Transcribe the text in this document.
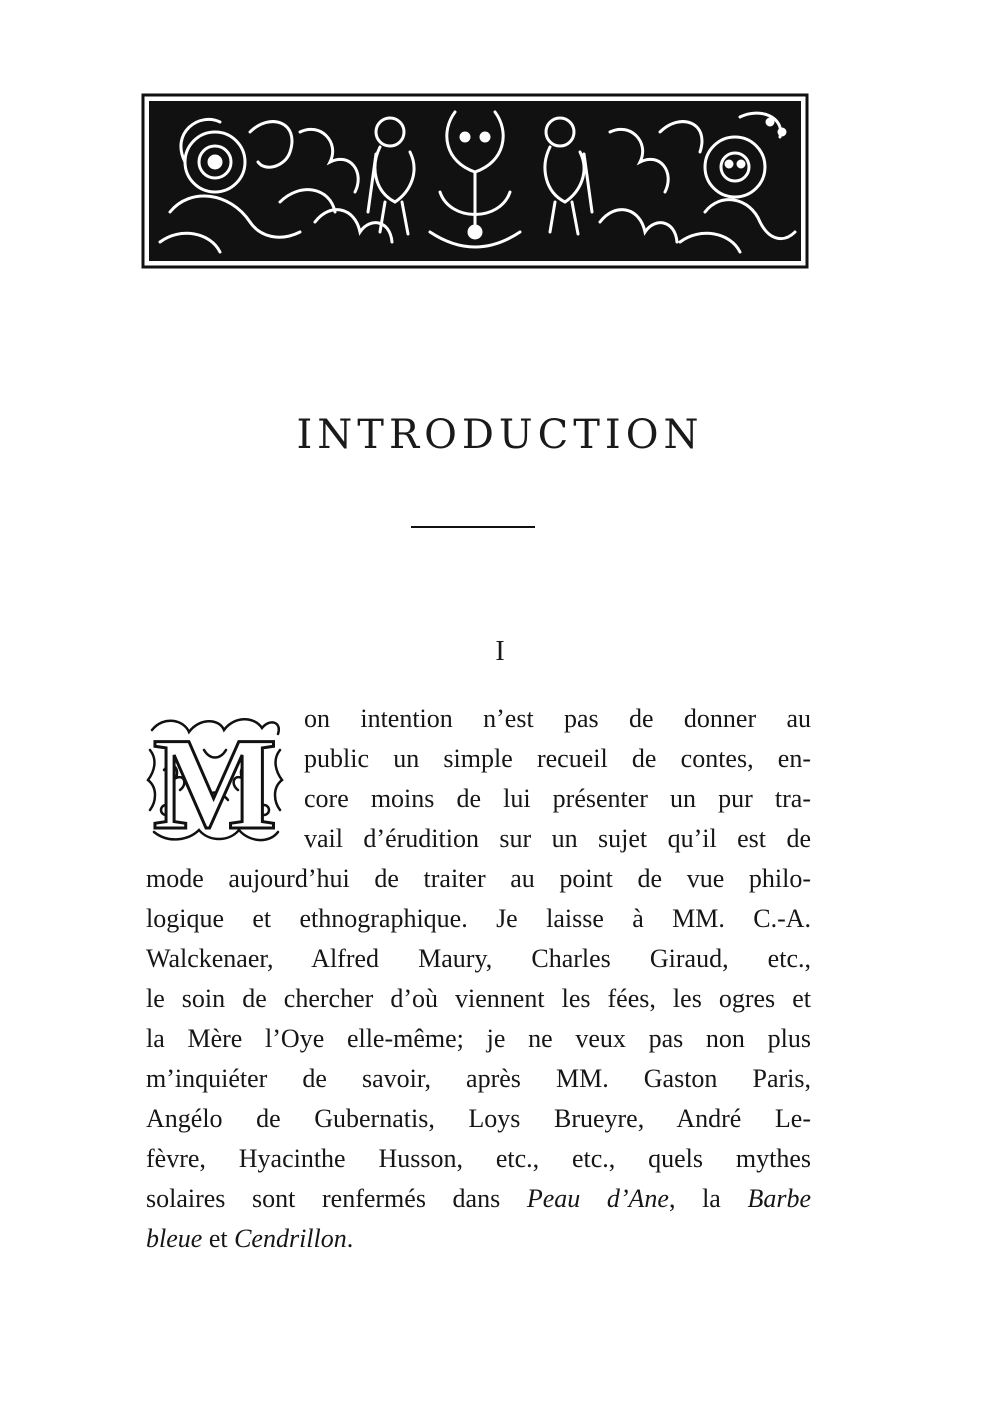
INTRODUCTION
I
M on intention n’est pas de donner au
public un simple recueil de contes, en-
core moins de lui présenter un pur tra-
vail d’érudition sur un sujet qu’il est de
mode aujourd’hui de traiter au point de vue philo-
logique et ethnographique. Je laisse à MM. C.-A.
Walckenaer, Alfred Maury, Charles Giraud, etc.,
le soin de chercher d’où viennent les fées, les ogres et
la Mère l’Oye elle-même; je ne veux pas non plus
m’inquiéter de savoir, après MM. Gaston Paris,
Angélo de Gubernatis, Loys Brueyre, André Le-
fèvre, Hyacinthe Husson, etc., etc., quels mythes
solaires sont renfermés dans Peau d’Ane, la Barbe
bleue et Cendrillon.
